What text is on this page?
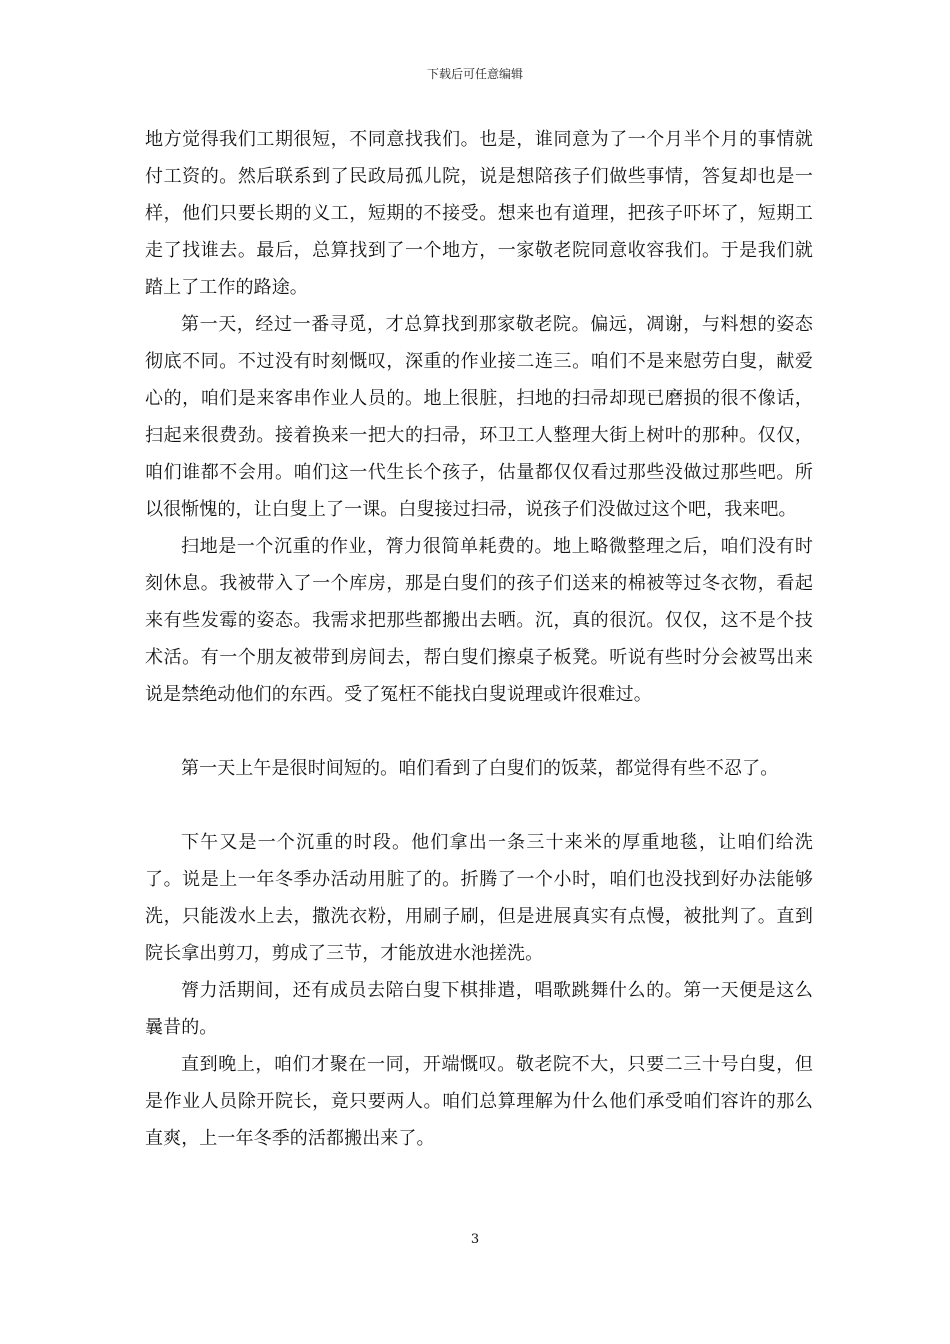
下载后可任意编辑

地方觉得我们工期很短，不同意找我们。也是，谁同意为了一个月半个月的事情就付工资的。然后联系到了民政局孤儿院，说是想陪孩子们做些事情，答复却也是一样，他们只要长期的义工，短期的不接受。想来也有道理，把孩子吓坏了，短期工走了找谁去。最后，总算找到了一个地方，一家敬老院同意收容我们。于是我们就踏上了工作的路途。

第一天，经过一番寻觅，才总算找到那家敬老院。偏远，凋谢，与料想的姿态彻底不同。不过没有时刻慨叹，深重的作业接二连三。咱们不是来慰劳白叟，献爱心的，咱们是来客串作业人员的。地上很脏，扫地的扫帚却现已磨损的很不像话，扫起来很费劲。接着换来一把大的扫帚，环卫工人整理大街上树叶的那种。仅仅，咱们谁都不会用。咱们这一代生长个孩子，估量都仅仅看过那些没做过那些吧。所以很惭愧的，让白叟上了一课。白叟接过扫帚，说孩子们没做过这个吧，我来吧。

扫地是一个沉重的作业，膂力很简单耗费的。地上略微整理之后，咱们没有时刻休息。我被带入了一个库房，那是白叟们的孩子们送来的棉被等过冬衣物，看起来有些发霉的姿态。我需求把那些都搬出去晒。沉，真的很沉。仅仅，这不是个技术活。有一个朋友被带到房间去，帮白叟们擦桌子板凳。听说有些时分会被骂出来说是禁绝动他们的东西。受了冤枉不能找白叟说理或许很难过。

第一天上午是很时间短的。咱们看到了白叟们的饭菜，都觉得有些不忍了。

下午又是一个沉重的时段。他们拿出一条三十来米的厚重地毯，让咱们给洗了。说是上一年冬季办活动用脏了的。折腾了一个小时，咱们也没找到好办法能够洗，只能泼水上去，撒洗衣粉，用刷子刷，但是进展真实有点慢，被批判了。直到院长拿出剪刀，剪成了三节，才能放进水池搓洗。

膂力活期间，还有成员去陪白叟下棋排遣，唱歌跳舞什么的。第一天便是这么曩昔的。

直到晚上，咱们才聚在一同，开端慨叹。敬老院不大，只要二三十号白叟，但是作业人员除开院长，竟只要两人。咱们总算理解为什么他们承受咱们容许的那么直爽，上一年冬季的活都搬出来了。

3
